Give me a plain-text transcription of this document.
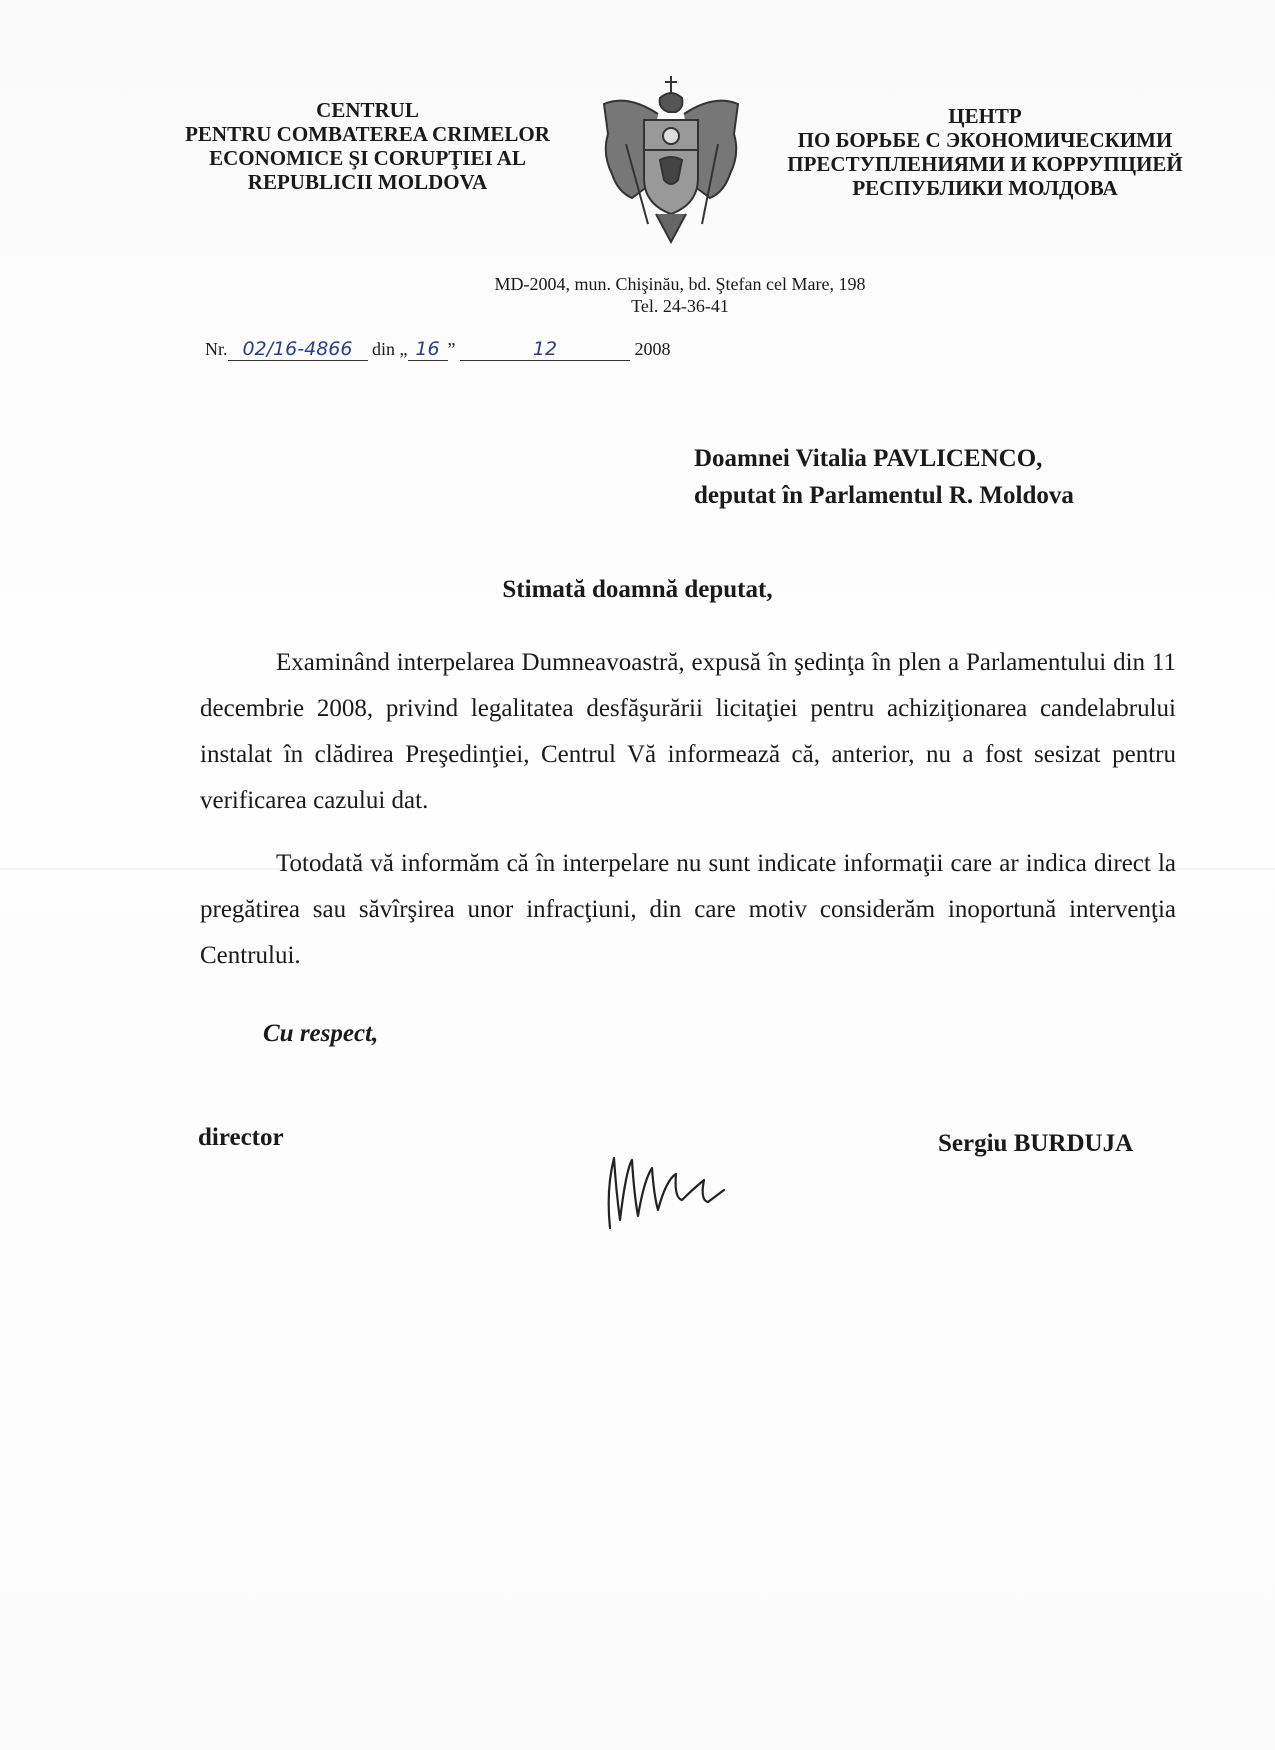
CENTRUL
PENTRU COMBATEREA CRIMELOR
ECONOMICE ŞI CORUPŢIEI AL
REPUBLICII MOLDOVA
ЦЕНТР
ПО БОРЬБЕ С ЭКОНОМИЧЕСКИМИ
ПРЕСТУПЛЕНИЯМИ И КОРРУПЦИЕЙ
РЕСПУБЛИКИ МОЛДОВА
MD-2004, mun. Chişinău, bd. Ştefan cel Mare, 198
Tel. 24-36-41
Nr. 02/16-4866 din „ 16 ”	12	2008
Doamnei Vitalia PAVLICENCO,
deputat în Parlamentul R. Moldova
Stimată doamnă deputat,
Examinând interpelarea Dumneavoastră, expusă în şedinţa în plen a Parlamentului din 11 decembrie 2008, privind legalitatea desfăşurării licitaţiei pentru achiziţionarea candelabrului instalat în clădirea Preşedinţiei, Centrul Vă informează că, anterior, nu a fost sesizat pentru verificarea cazului dat.
Totodată vă informăm că în interpelare nu sunt indicate informaţii care ar indica direct la pregătirea sau săvîrşirea unor infracţiuni, din care motiv considerăm inoportună intervenţia Centrului.
Cu respect,
director	Sergiu BURDUJA
